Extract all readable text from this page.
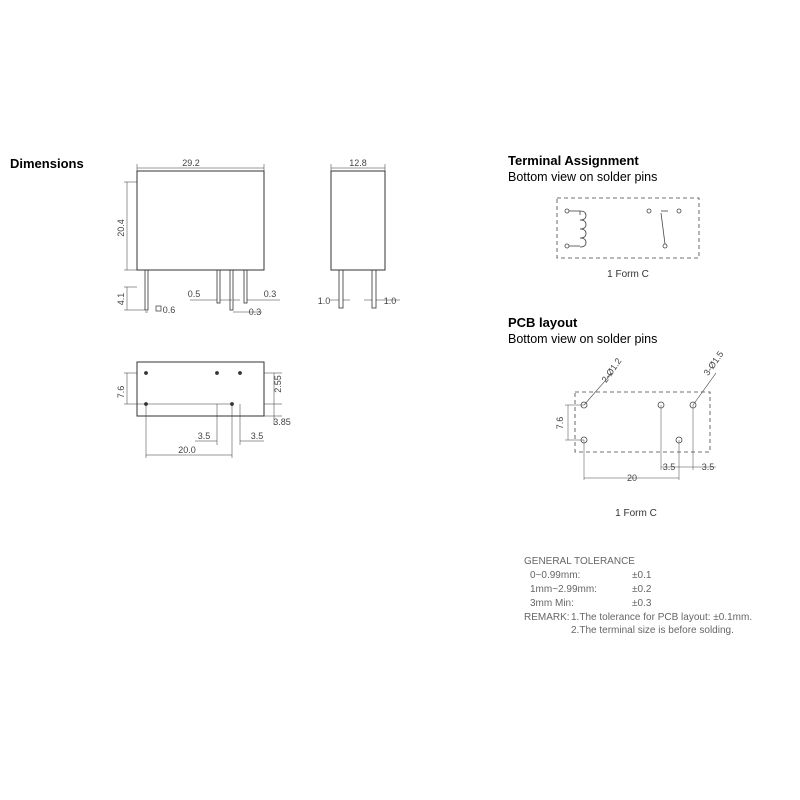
Dimensions	Terminal Assignment
Bottom view on solder pins
PCB layout
Bottom view on solder pins
29.2
20.4
4.1	0.5	0.3
0.3
0.6
12.8
1.0	1.0
7.6	2.55
3.85
3.5	3.5
20.0
1 Form C
2-Ø1.2	3-Ø1.5
7.6
3.5	3.5
20
1 Form C
GENERAL TOLERANCE
0~0.99mm:	±0.1
1mm~2.99mm:	±0.2
3mm Min:	±0.3
REMARK: 1.The tolerance for PCB layout: ±0.1mm.
2.The terminal size is before solding.
